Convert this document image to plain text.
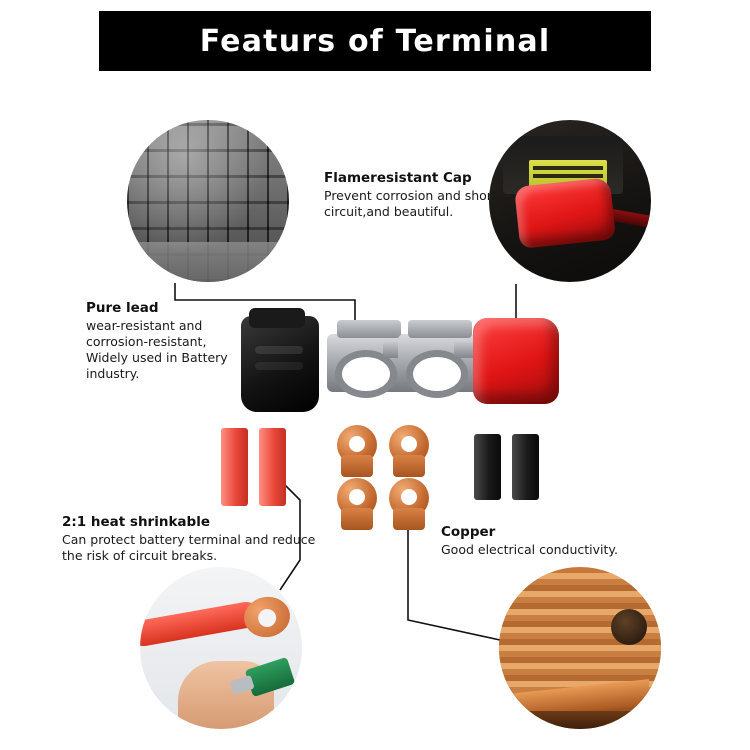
Featurs of Terminal

Flameresistant Cap

Prevent corrosion and short circuit,and beautiful.

Pure lead

wear-resistant and corrosion-resistant, Widely used in Battery industry.

2:1 heat shrinkable

Can protect battery terminal and reduce the risk of circuit breaks.

Copper

Good electrical conductivity.
